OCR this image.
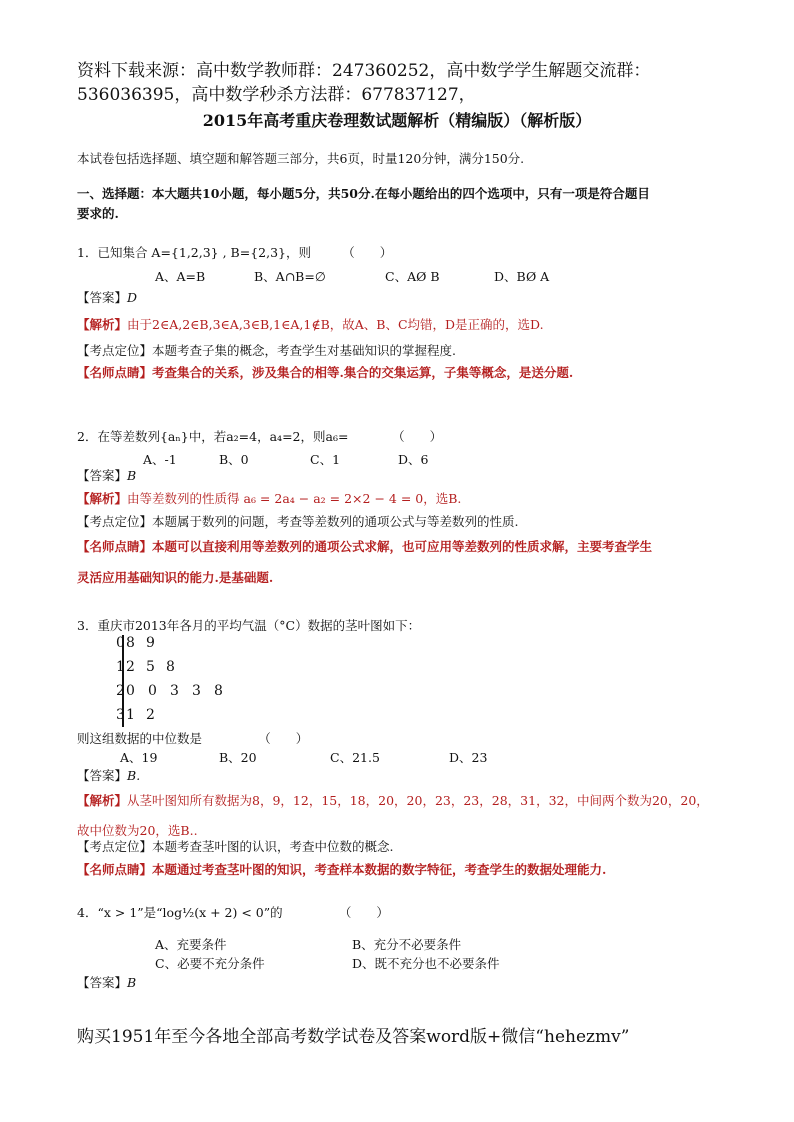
资料下载来源：高中数学教师群：247360252，高中数学学生解题交流群：
536036395，高中数学秒杀方法群：677837127，
2015年高考重庆卷理数试题解析（精编版）（解析版）
本试卷包括选择题、填空题和解答题三部分，共6页，时量120分钟，满分150分.
一、选择题：本大题共10小题，每小题5分，共50分.在每小题给出的四个选项中，只有一项是符合题目
要求的.
1．已知集合 A={1,2,3} , B={2,3}，则　　　（　　）
A、A=B	B、A∩B=∅	C、AØ B	D、BØ A
【答案】D
【解析】由于2∈A,2∈B,3∈A,3∈B,1∈A,1∉B，故A、B、C均错，D是正确的，选D.
【考点定位】本题考查子集的概念，考查学生对基础知识的掌握程度.
【名师点睛】考查集合的关系，涉及集合的相等.集合的交集运算，子集等概念，是送分题.
2．在等差数列{aₙ}中，若a₂=4，a₄=2，则a₆=　　　　（　　）
A、-1	B、0	C、1	D、6
【答案】B
【解析】由等差数列的性质得 a₆ = 2a₄ − a₂ = 2×2 − 4 = 0，选B.
【考点定位】本题属于数列的问题，考查等差数列的通项公式与等差数列的性质.
【名师点睛】本题可以直接利用等差数列的通项公式求解，也可应用等差数列的性质求解，主要考查学生
灵活应用基础知识的能力.是基础题.
3．重庆市2013年各月的平均气温（°C）数据的茎叶图如下：
0 8 9
1 2 5 8
2 0 0 3 3 8
3 1 2
则这组数据的中位数是　　　　　（　　）
A、19	B、20	C、21.5	D、23
【答案】B.
【解析】从茎叶图知所有数据为8，9，12，15，18，20，20，23，23，28，31，32，中间两个数为20，20，
故中位数为20，选B..
【考点定位】本题考查茎叶图的认识，考查中位数的概念.
【名师点睛】本题通过考查茎叶图的知识，考查样本数据的数字特征，考查学生的数据处理能力.
4．“x > 1”是“log½(x + 2) < 0”的　　　　　（　　）
A、充要条件	B、充分不必要条件
C、必要不充分条件	D、既不充分也不必要条件
【答案】B
购买1951年至今各地全部高考数学试卷及答案word版+微信“hehezmv”
